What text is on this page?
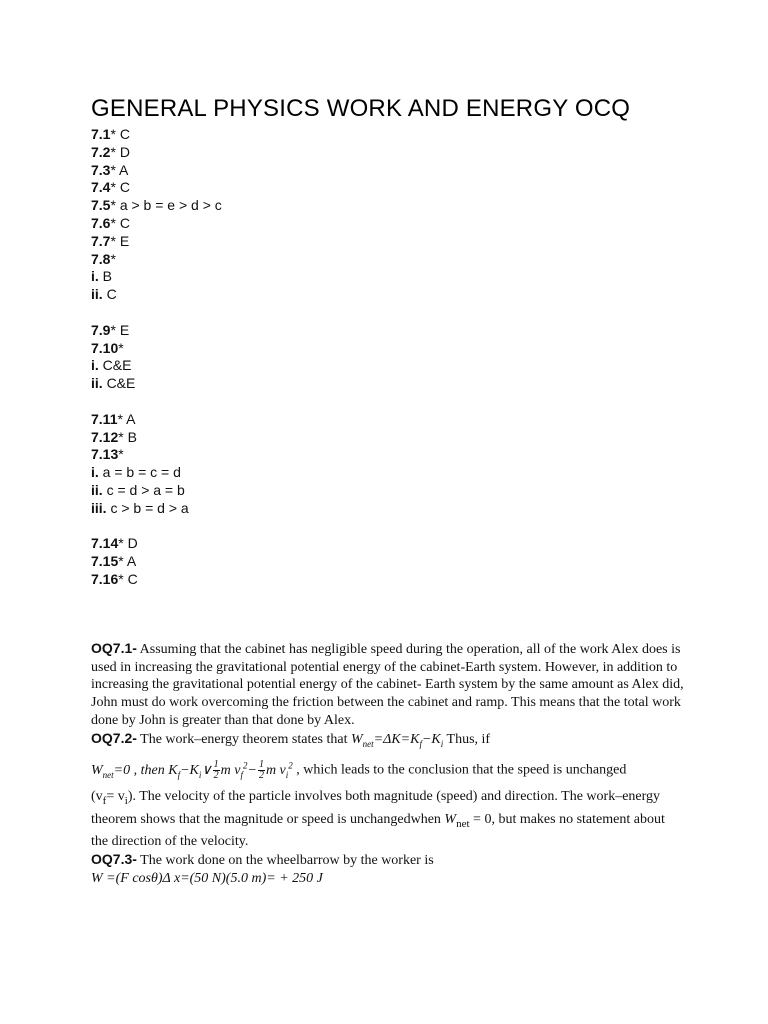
GENERAL PHYSICS WORK AND ENERGY OCQ
7.1* C
7.2* D
7.3* A
7.4* C
7.5* a > b = e > d > c
7.6* C
7.7* E
7.8*
i. B
ii. C
7.9* E
7.10*
i. C&E
ii. C&E
7.11* A
7.12* B
7.13*
i. a = b = c = d
ii. c = d > a = b
iii. c > b = d > a
7.14* D
7.15* A
7.16* C

OQ7.1- Assuming that the cabinet has negligible speed during the operation, all of the work Alex does is used in increasing the gravitational potential energy of the cabinet-Earth system. However, in addition to increasing the gravitational potential energy of the cabinet- Earth system by the same amount as Alex did, John must do work overcoming the friction between the cabinet and ramp. This means that the total work done by John is greater than that done by Alex.

OQ7.2- The work–energy theorem states that $W_{net}=\Delta K=K_f-K_i$ Thus, if

$W_{net}=0$ , then $K_f-K_i\vee \frac{1}{2}$ m $v_f^2- \frac{1}{2}$ m $v_i^2$ , which leads to the conclusion that the speed is unchanged

$(v_f= v_i)$. The velocity of the particle involves both magnitude (speed) and direction. The work–energy theorem shows that the magnitude or speed is unchangedwhen $W_{net} = 0$, but makes no statement about the direction of the velocity.

OQ7.3- The work done on the wheelbarrow by the worker is

W =(F cosθ)Δ x=(50 N)(5.0 m)= + 250 J
